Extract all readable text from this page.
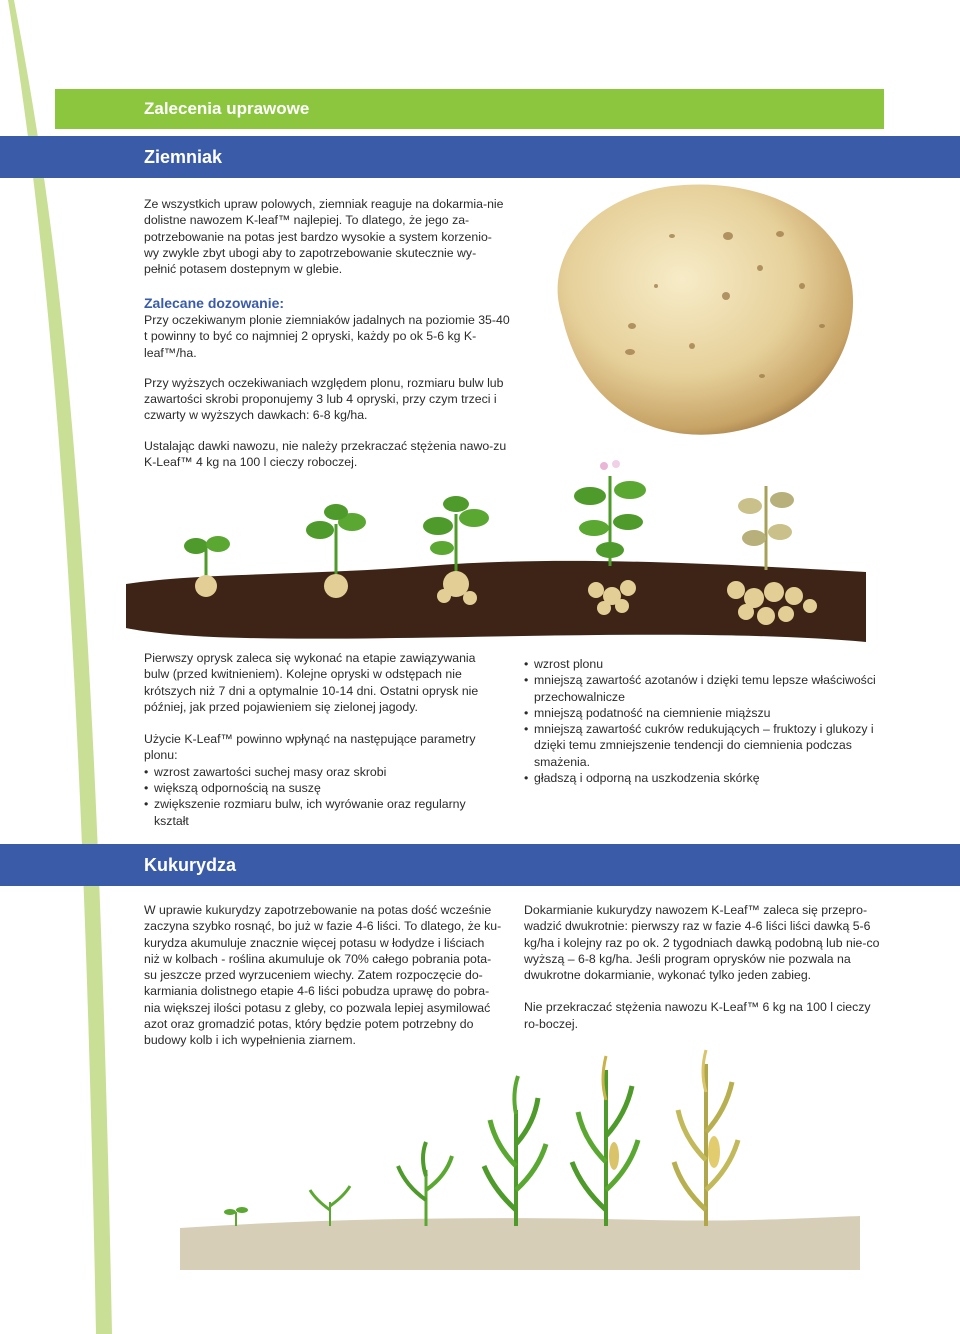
Zalecenia uprawowe
Ziemniak

Ze wszystkich upraw polowych, ziemniak reaguje na dokarmia-nie dolistne nawozem K-leaf™ najlepiej. To dlatego, że jego za-potrzebowanie na potas jest bardzo wysokie a system korzenio-wy zwykle zbyt ubogi aby to zapotrzebowanie skutecznie wy-pełnić potasem dostepnym w glebie.

Zalecane dozowanie:

Przy oczekiwanym plonie ziemniaków jadalnych na poziomie 35-40 t powinny to być co najmniej 2 opryski, każdy po ok 5-6 kg K-leaf™/ha.

Przy wyższych oczekiwaniach względem plonu, rozmiaru bulw lub zawartości skrobi proponujemy 3 lub 4 opryski, przy czym trzeci i czwarty w wyższych dawkach: 6-8 kg/ha.

Ustalając dawki nawozu, nie należy przekraczać stężenia nawo-zu K-Leaf™ 4 kg na 100 l cieczy roboczej.

Pierwszy oprysk zaleca się wykonać na etapie zawiązywania bulw (przed kwitnieniem). Kolejne opryski w odstępach nie krótszych niż 7 dni a optymalnie 10-14 dni. Ostatni oprysk nie później, jak przed pojawieniem się zielonej jagody.

Użycie K-Leaf™ powinno wpłynąć na następujące parametry plonu:

• wzrost zawartości suchej masy oraz skrobi
• większą odpornością na suszę
• zwiększenie rozmiaru bulw, ich wyrówanie oraz regularny kształt
• wzrost plonu
• mniejszą zawartość azotanów i dzięki temu lepsze właściwości przechowalnicze
• mniejszą podatność na ciemnienie miąższu
• mniejszą zawartość cukrów redukujących – fruktozy i glukozy i dzięki temu zmniejszenie tendencji do ciemnienia podczas smażenia.
• gładszą i odporną na uszkodzenia skórkę
Kukurydza

W uprawie kukurydzy zapotrzebowanie na potas dość wcześnie zaczyna szybko rosnąć, bo już w fazie 4-6 liści. To dlatego, że ku-kurydza akumuluje znacznie więcej potasu w łodydze i liściach niż w kolbach - roślina akumuluje ok 70% całego pobrania pota-su jeszcze przed wyrzuceniem wiechy. Zatem rozpoczęcie do-karmiania dolistnego etapie 4-6 liści pobudza uprawę do pobra-nia większej ilości potasu z gleby, co pozwala lepiej asymilować azot oraz gromadzić potas, który będzie potem potrzebny do budowy kolb i ich wypełnienia ziarnem.

Dokarmianie kukurydzy nawozem K-Leaf™ zaleca się przepro-wadzić dwukrotnie: pierwszy raz w fazie 4-6 liści liści dawką 5-6 kg/ha i kolejny raz po ok. 2 tygodniach dawką podobną lub nie-co wyższą – 6-8 kg/ha. Jeśli program oprysków nie pozwala na dwukrotne dokarmianie, wykonać tylko jeden zabieg.

Nie przekraczać stężenia nawozu K-Leaf™ 6 kg na 100 l cieczy ro-boczej.
